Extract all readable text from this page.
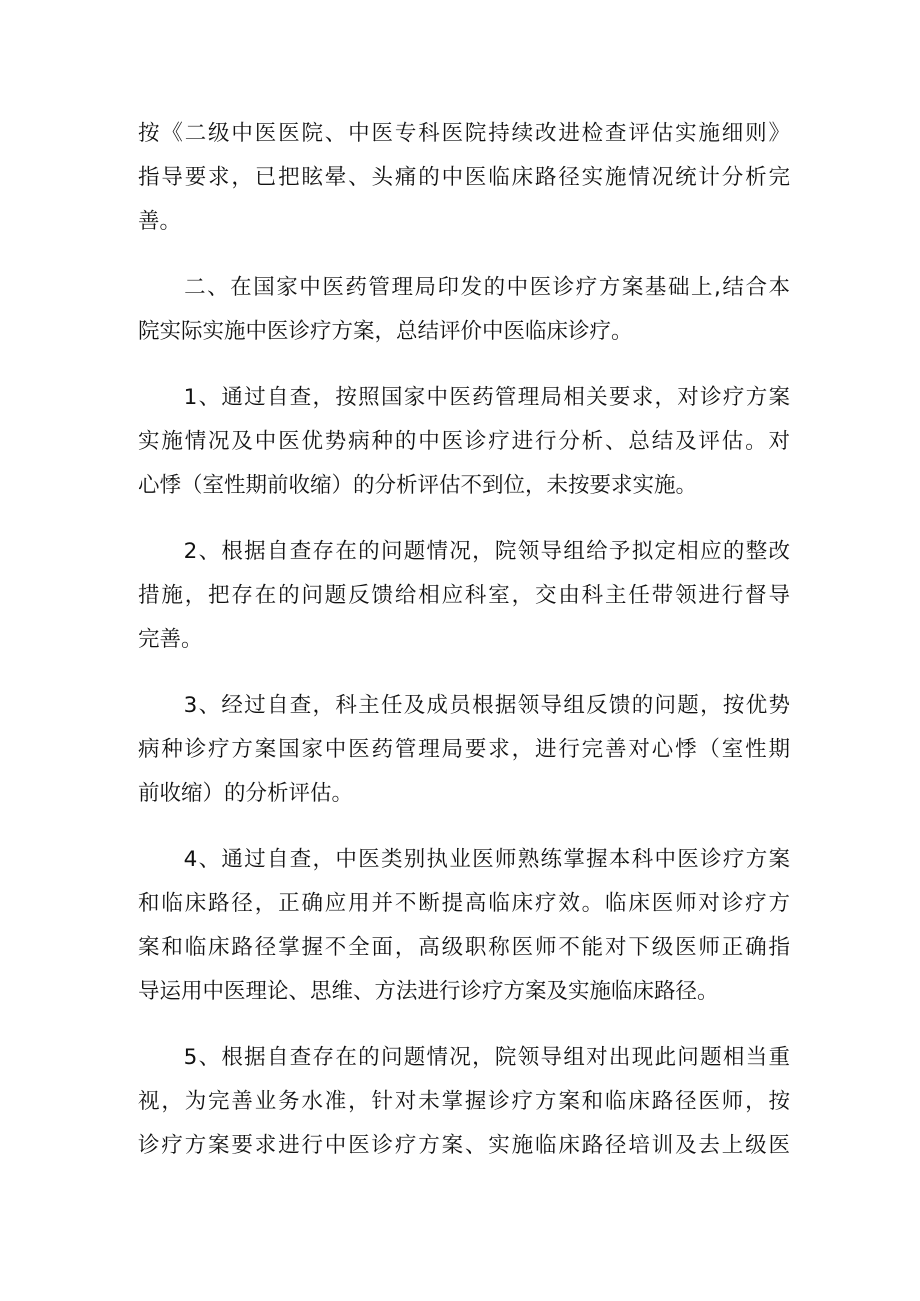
按《二级中医医院、中医专科医院持续改进检查评估实施细则》
指导要求，已把眩晕、头痛的中医临床路径实施情况统计分析完
善。
　　二、在国家中医药管理局印发的中医诊疗方案基础上,结合本
院实际实施中医诊疗方案，总结评价中医临床诊疗。
　　1、通过自查，按照国家中医药管理局相关要求，对诊疗方案
实施情况及中医优势病种的中医诊疗进行分析、总结及评估。对
心悸（室性期前收缩）的分析评估不到位，未按要求实施。
　　2、根据自查存在的问题情况，院领导组给予拟定相应的整改
措施，把存在的问题反馈给相应科室，交由科主任带领进行督导
完善。
　　3、经过自查，科主任及成员根据领导组反馈的问题，按优势
病种诊疗方案国家中医药管理局要求，进行完善对心悸（室性期
前收缩）的分析评估。
　　4、通过自查，中医类别执业医师熟练掌握本科中医诊疗方案
和临床路径，正确应用并不断提高临床疗效。临床医师对诊疗方
案和临床路径掌握不全面，高级职称医师不能对下级医师正确指
导运用中医理论、思维、方法进行诊疗方案及实施临床路径。
　　5、根据自查存在的问题情况，院领导组对出现此问题相当重
视，为完善业务水准，针对未掌握诊疗方案和临床路径医师，按
诊疗方案要求进行中医诊疗方案、实施临床路径培训及去上级医
